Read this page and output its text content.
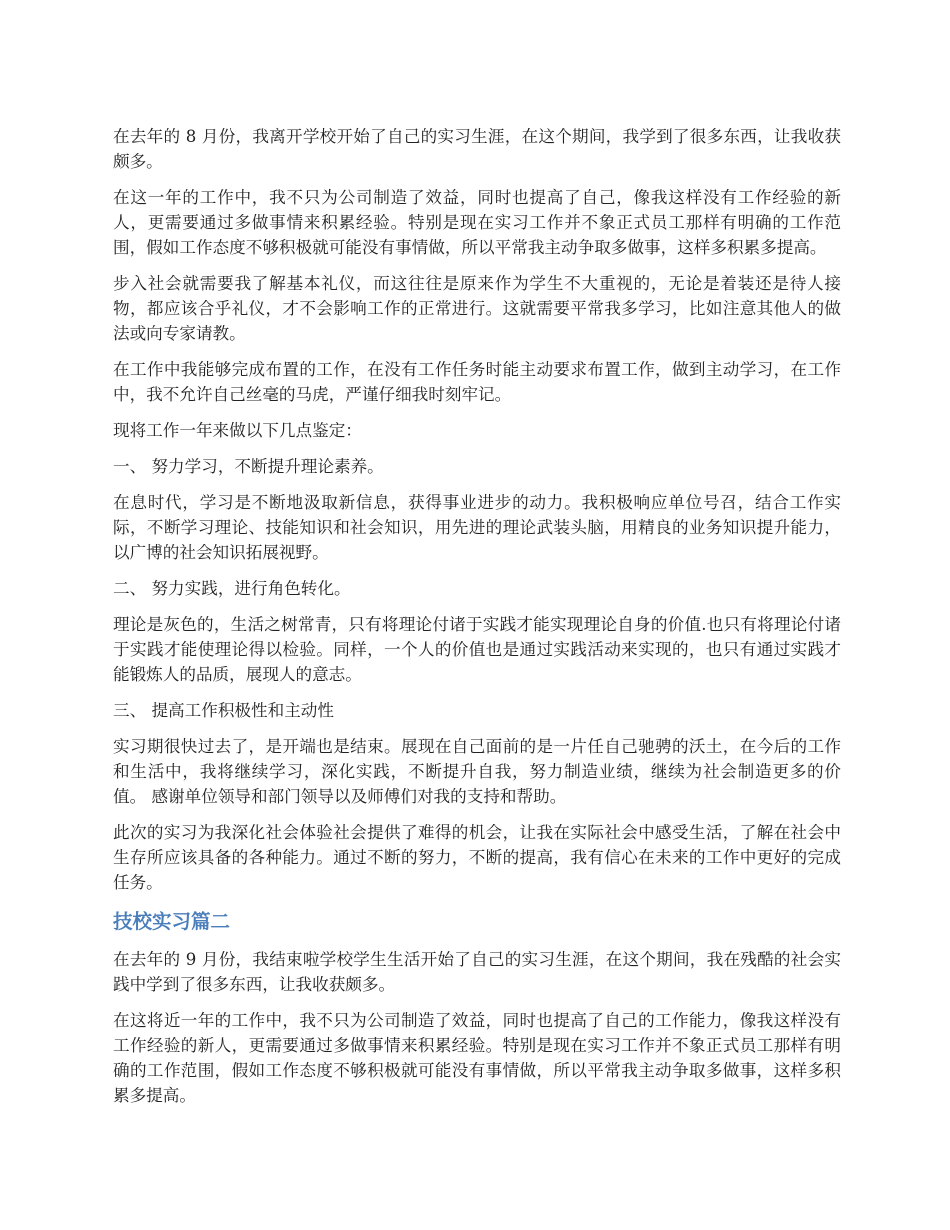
在去年的 8 月份，我离开学校开始了自己的实习生涯，在这个期间，我学到了很多东西，让我收获颇多。

在这一年的工作中，我不只为公司制造了效益，同时也提高了自己，像我这样没有工作经验的新人，更需要通过多做事情来积累经验。特别是现在实习工作并不象正式员工那样有明确的工作范围，假如工作态度不够积极就可能没有事情做，所以平常我主动争取多做事，这样多积累多提高。

步入社会就需要我了解基本礼仪，而这往往是原来作为学生不大重视的，无论是着装还是待人接物，都应该合乎礼仪，才不会影响工作的正常进行。这就需要平常我多学习，比如注意其他人的做法或向专家请教。

在工作中我能够完成布置的工作，在没有工作任务时能主动要求布置工作，做到主动学习，在工作中，我不允许自己丝毫的马虎，严谨仔细我时刻牢记。

现将工作一年来做以下几点鉴定：

一、 努力学习，不断提升理论素养。

在息时代，学习是不断地汲取新信息，获得事业进步的动力。我积极响应单位号召，结合工作实际，不断学习理论、技能知识和社会知识，用先进的理论武装头脑，用精良的业务知识提升能力，以广博的社会知识拓展视野。

二、 努力实践，进行角色转化。

理论是灰色的，生活之树常青，只有将理论付诸于实践才能实现理论自身的价值.也只有将理论付诸于实践才能使理论得以检验。同样，一个人的价值也是通过实践活动来实现的，也只有通过实践才能锻炼人的品质，展现人的意志。

三、 提高工作积极性和主动性

实习期很快过去了，是开端也是结束。展现在自己面前的是一片任自己驰骋的沃土，在今后的工作和生活中，我将继续学习，深化实践，不断提升自我，努力制造业绩，继续为社会制造更多的价值。 感谢单位领导和部门领导以及师傅们对我的支持和帮助。

此次的实习为我深化社会体验社会提供了难得的机会，让我在实际社会中感受生活，了解在社会中生存所应该具备的各种能力。通过不断的努力，不断的提高，我有信心在未来的工作中更好的完成任务。

技校实习篇二

在去年的 9 月份，我结束啦学校学生生活开始了自己的实习生涯，在这个期间，我在残酷的社会实践中学到了很多东西，让我收获颇多。

在这将近一年的工作中，我不只为公司制造了效益，同时也提高了自己的工作能力，像我这样没有工作经验的新人，更需要通过多做事情来积累经验。特别是现在实习工作并不象正式员工那样有明确的工作范围，假如工作态度不够积极就可能没有事情做，所以平常我主动争取多做事，这样多积累多提高。
